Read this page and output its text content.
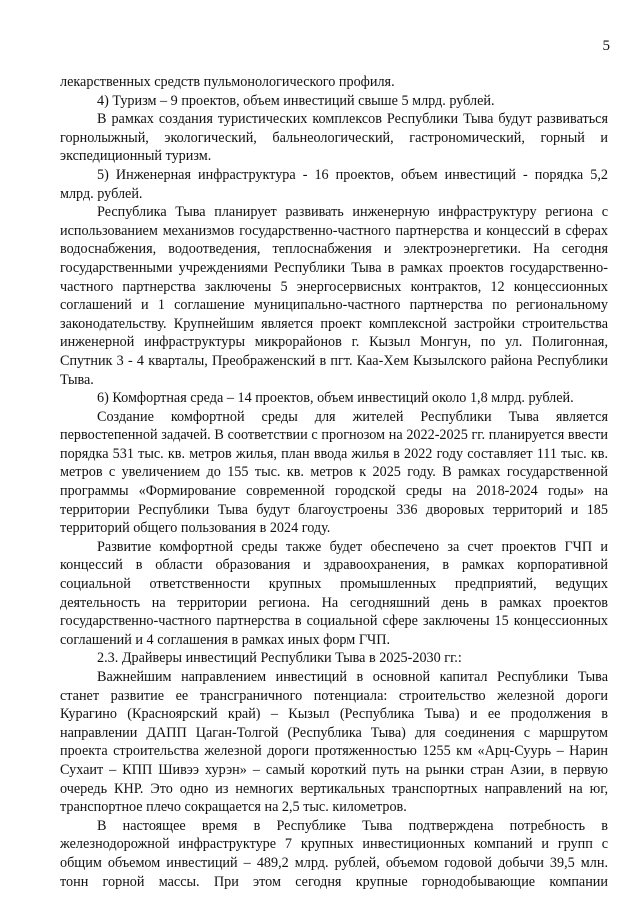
5

лекарственных средств пульмонологического профиля.

4) Туризм – 9 проектов, объем инвестиций свыше 5 млрд. рублей.

В рамках создания туристических комплексов Республики Тыва будут развиваться горнолыжный, экологический, бальнеологический, гастрономический, горный и экспедиционный туризм.

5) Инженерная инфраструктура - 16 проектов, объем инвестиций - порядка 5,2 млрд. рублей.

Республика Тыва планирует развивать инженерную инфраструктуру региона с использованием механизмов государственно-частного партнерства и концессий в сферах водоснабжения, водоотведения, теплоснабжения и электроэнергетики. На сегодня государственными учреждениями Республики Тыва в рамках проектов государственно-частного партнерства заключены 5 энергосервисных контрактов, 12 концессионных соглашений и 1 соглашение муниципально-частного партнерства по региональному законодательству. Крупнейшим является проект комплексной застройки строительства инженерной инфраструктуры микрорайонов г. Кызыл Монгун, по ул. Полигонная, Спутник 3 - 4 кварталы, Преображенский в пгт. Каа-Хем Кызылского района Республики Тыва.

6) Комфортная среда – 14 проектов, объем инвестиций около 1,8 млрд. рублей.

Создание комфортной среды для жителей Республики Тыва является первостепенной задачей. В соответствии с прогнозом на 2022-2025 гг. планируется ввести порядка 531 тыс. кв. метров жилья, план ввода жилья в 2022 году составляет 111 тыс. кв. метров с увеличением до 155 тыс. кв. метров к 2025 году. В рамках государственной программы «Формирование современной городской среды на 2018-2024 годы» на территории Республики Тыва будут благоустроены 336 дворовых территорий и 185 территорий общего пользования в 2024 году.

Развитие комфортной среды также будет обеспечено за счет проектов ГЧП и концессий в области образования и здравоохранения, в рамках корпоративной социальной ответственности крупных промышленных предприятий, ведущих деятельность на территории региона. На сегодняшний день в рамках проектов государственно-частного партнерства в социальной сфере заключены 15 концессионных соглашений и 4 соглашения в рамках иных форм ГЧП.

2.3. Драйверы инвестиций Республики Тыва в 2025-2030 гг.:

Важнейшим направлением инвестиций в основной капитал Республики Тыва станет развитие ее трансграничного потенциала: строительство железной дороги Курагино (Красноярский край) – Кызыл (Республика Тыва) и ее продолжения в направлении ДАПП Цаган-Толгой (Республика Тыва) для соединения с маршрутом проекта строительства железной дороги протяженностью 1255 км «Арц-Суурь – Нарин Сухаит – КПП Шивээ хурэн» – самый короткий путь на рынки стран Азии, в первую очередь КНР. Это одно из немногих вертикальных транспортных направлений на юг, транспортное плечо сокращается на 2,5 тыс. километров.

В настоящее время в Республике Тыва подтверждена потребность в железнодорожной инфраструктуре 7 крупных инвестиционных компаний и групп с общим объемом инвестиций – 489,2 млрд. рублей, объемом годовой добычи 39,5 млн. тонн горной массы. При этом сегодня крупные горнодобывающие компании
